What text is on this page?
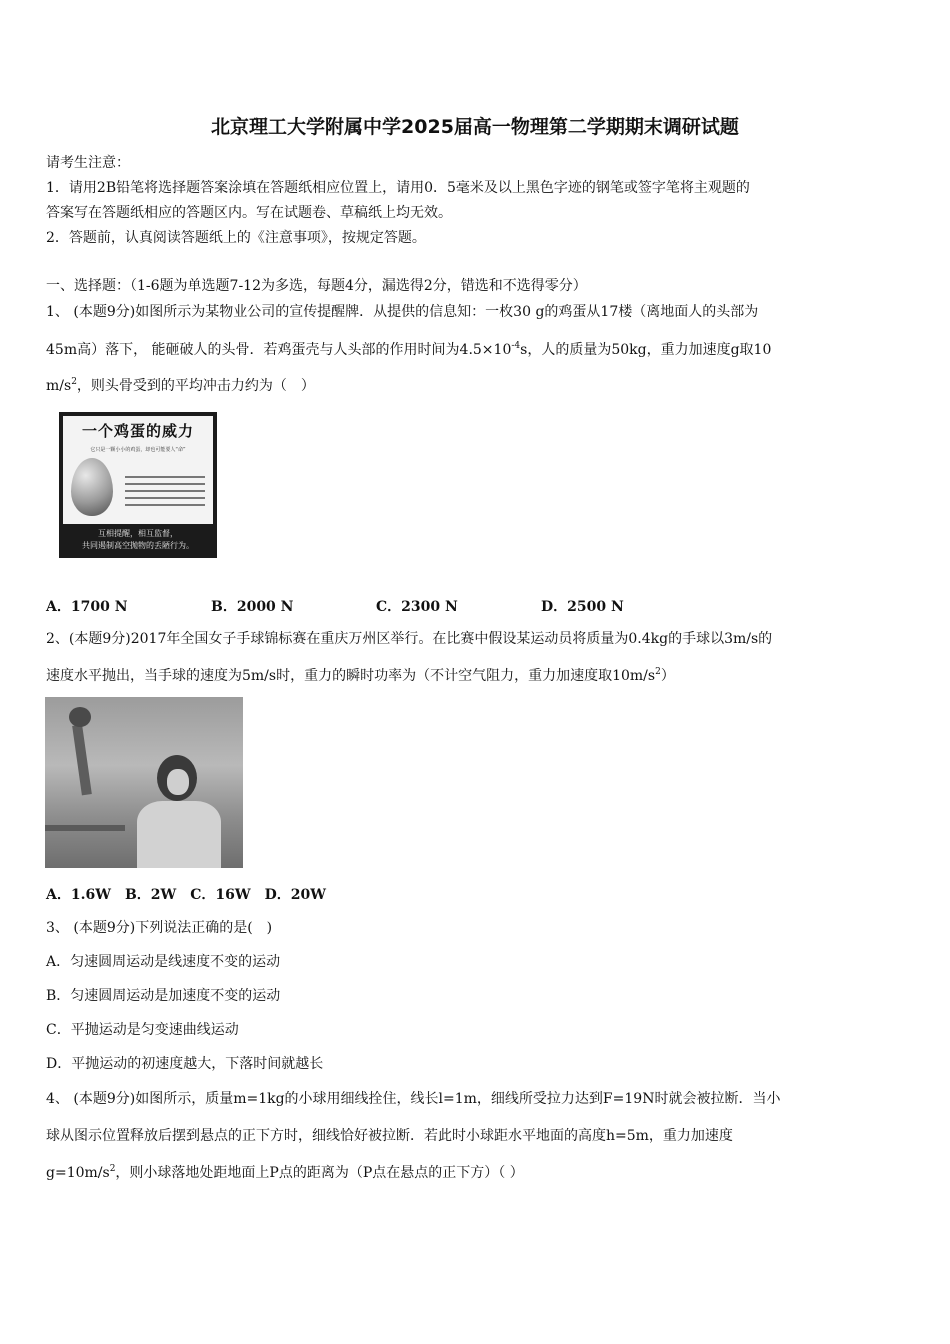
北京理工大学附属中学2025届高一物理第二学期期末调研试题
请考生注意：
1．请用2B铅笔将选择题答案涂填在答题纸相应位置上，请用0．5毫米及以上黑色字迹的钢笔或签字笔将主观题的
答案写在答题纸相应的答题区内。写在试题卷、草稿纸上均无效。
2．答题前，认真阅读答题纸上的《注意事项》，按规定答题。
一、选择题：（1-6题为单选题7-12为多选，每题4分，漏选得2分，错选和不选得零分）
1、 (本题9分)如图所示为某物业公司的宣传提醒牌．从提供的信息知：一枚30 g的鸡蛋从17楼（离地面人的头部为
45m高）落下， 能砸破人的头骨．若鸡蛋壳与人头部的作用时间为$4.5\times 10^{-4}s$，人的质量为50kg，重力加速度g取10
$m/s^2$，则头骨受到的平均冲击力约为（　）
一个鸡蛋的威力
它只是一颗小小的鸡蛋，却也可能要人“命”
互相提醒，相互监督，
共同遏制高空抛物的丢陋行为。
A．1700 N	B．2000 N	C．2300 N	D．2500 N
2、(本题9分)2017年全国女子手球锦标赛在重庆万州区举行。在比赛中假设某运动员将质量为0.4kg的手球以3m/s的
速度水平抛出，当手球的速度为5m/s时，重力的瞬时功率为（不计空气阻力，重力加速度取$10m/s^2$）
A．1.6W　B．2W　C．16W　D．20W
3、 (本题9分)下列说法正确的是(　)
A．匀速圆周运动是线速度不变的运动
B．匀速圆周运动是加速度不变的运动
C．平抛运动是匀变速曲线运动
D．平抛运动的初速度越大，下落时间就越长
4、 (本题9分)如图所示，质量m=1kg的小球用细线拴住，线长l=1m，细线所受拉力达到F=19N时就会被拉断．当小
球从图示位置释放后摆到悬点的正下方时，细线恰好被拉断．若此时小球距水平地面的高度h=5m，重力加速度
$g=10m/s^2$，则小球落地处距地面上P点的距离为（P点在悬点的正下方）（ ）
